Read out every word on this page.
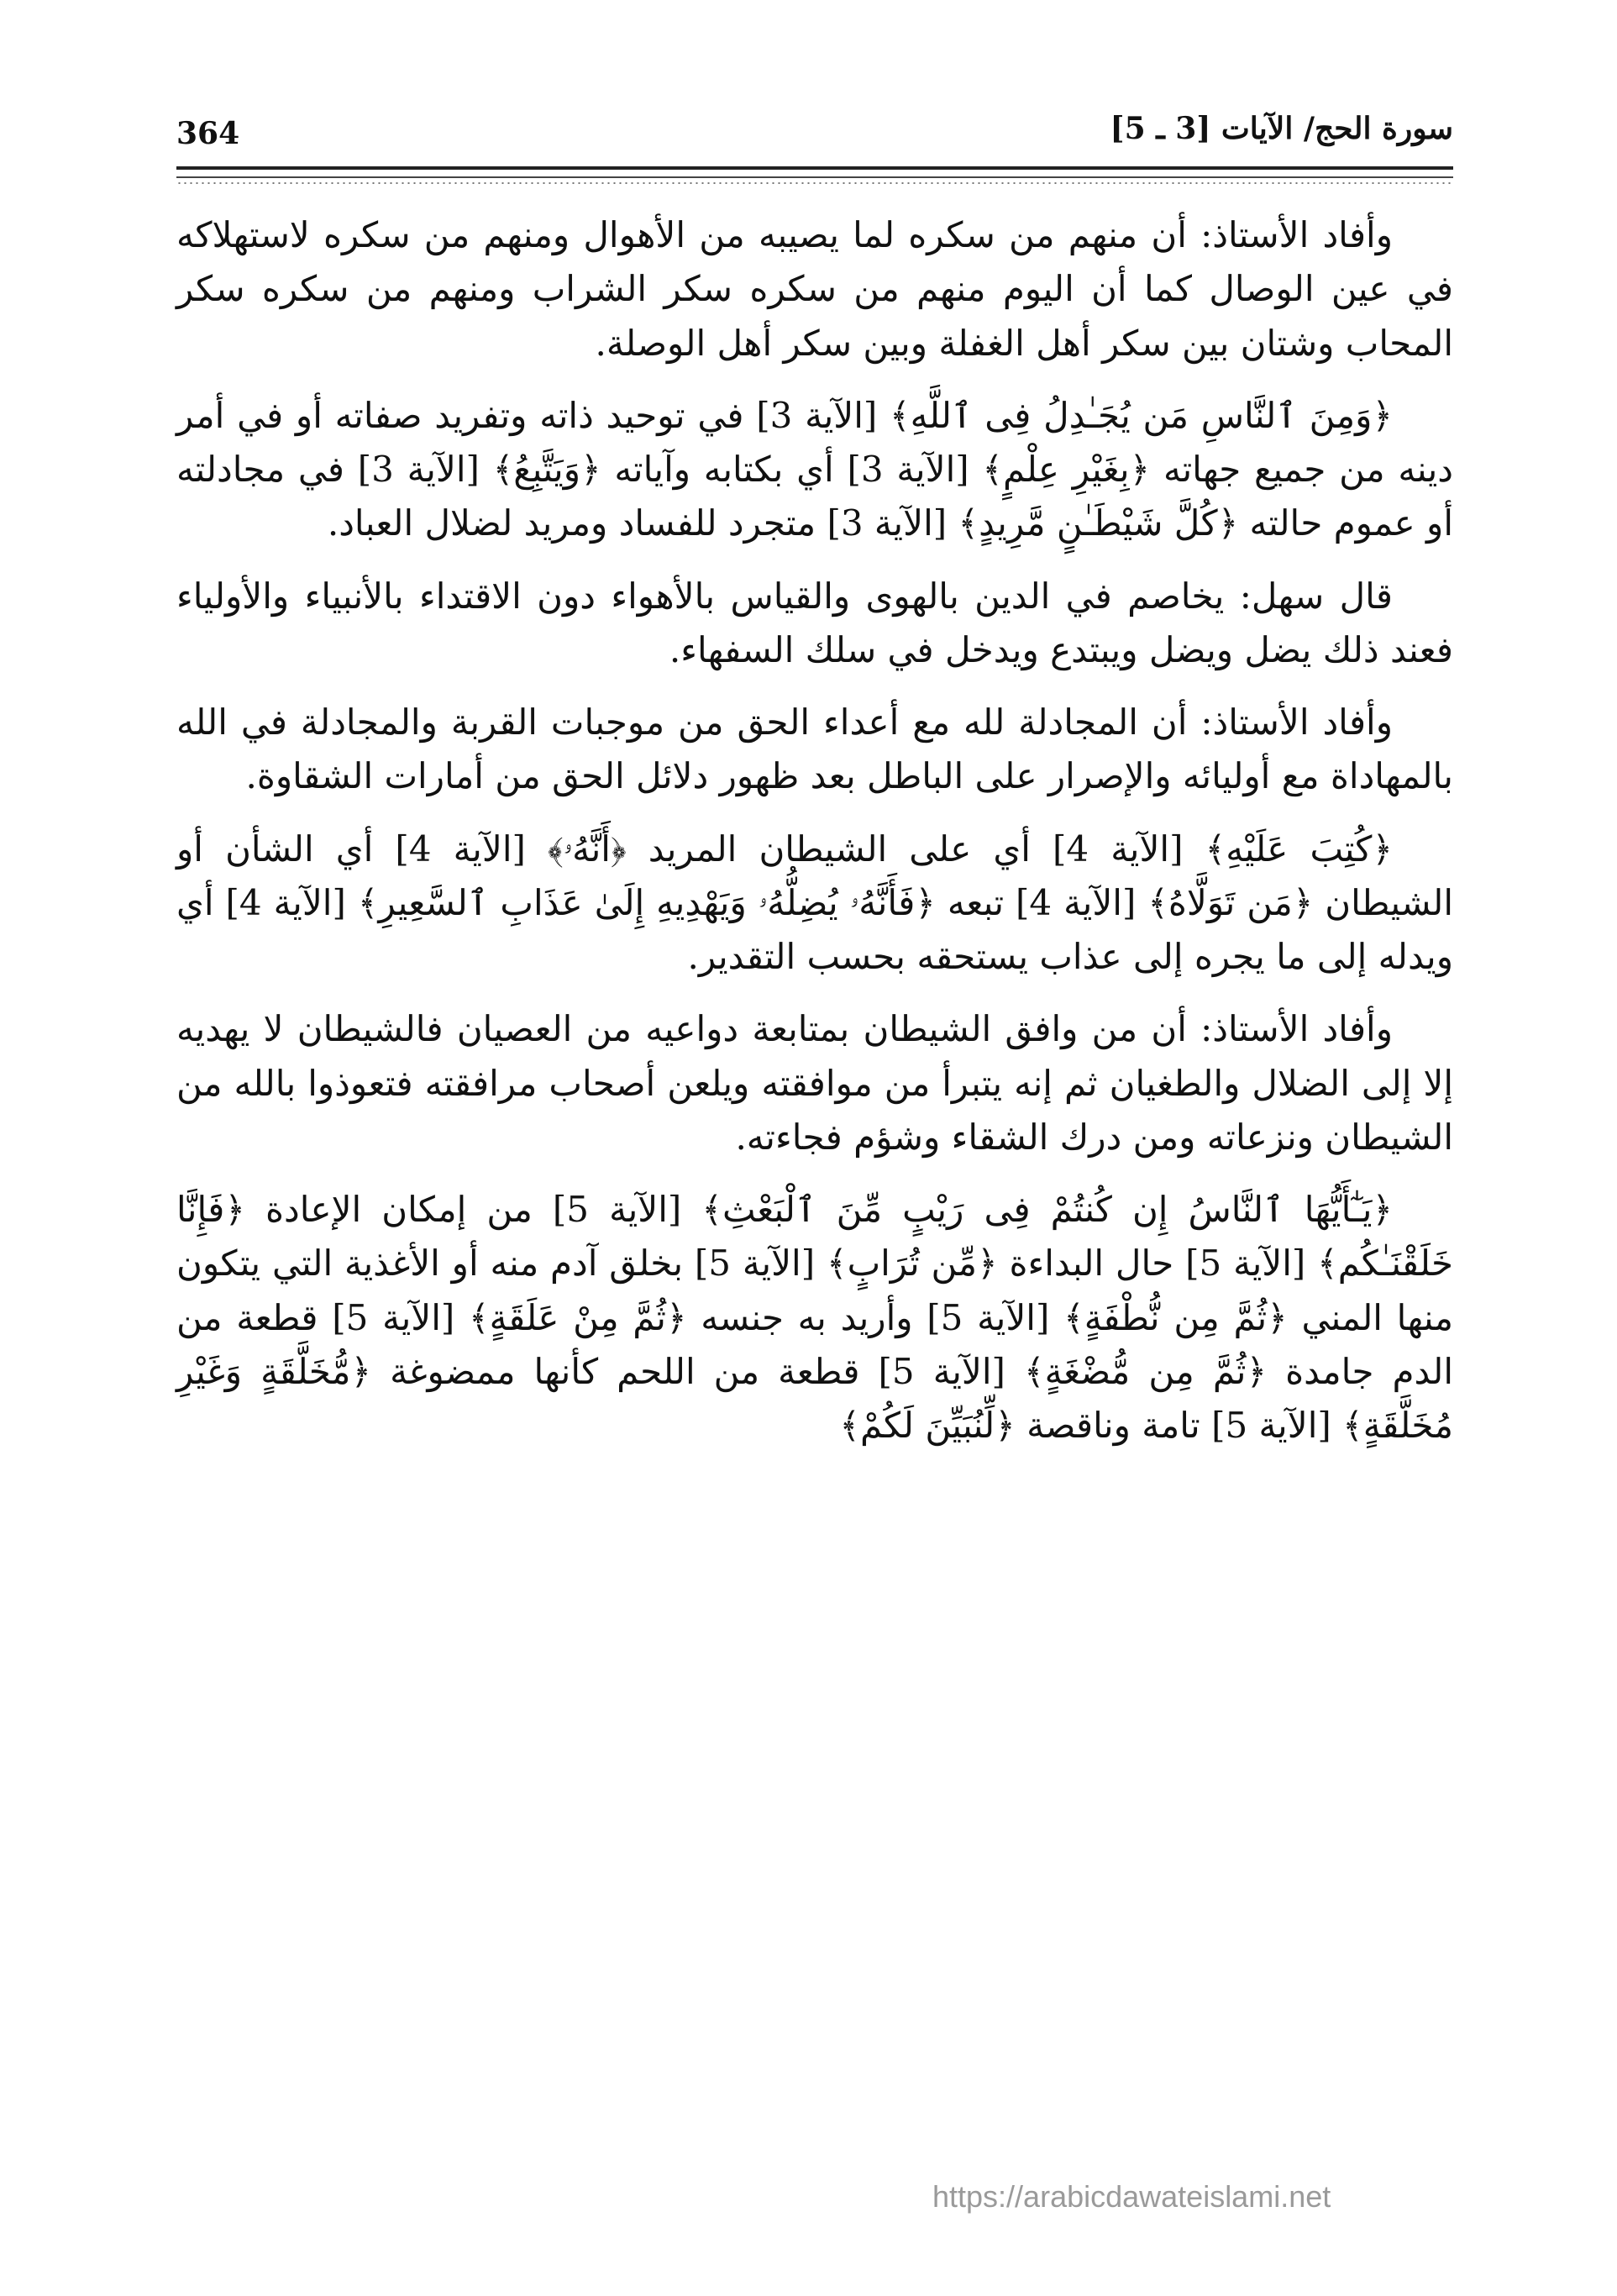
364	سورة الحج/ الآيات [3 ـ 5]

وأفاد الأستاذ: أن منهم من سكره لما يصيبه من الأهوال ومنهم من سكره لاستهلاكه في عين الوصال كما أن اليوم منهم من سكره سكر الشراب ومنهم من سكره سكر المحاب وشتان بين سكر أهل الغفلة وبين سكر أهل الوصلة.

﴿وَمِنَ ٱلنَّاسِ مَن يُجَـٰدِلُ فِى ٱللَّهِ﴾ [الآية 3] في توحيد ذاته وتفريد صفاته أو في أمر دينه من جميع جهاته ﴿بِغَيْرِ عِلْمٍ﴾ [الآية 3] أي بكتابه وآياته ﴿وَيَتَّبِعُ﴾ [الآية 3] في مجادلته أو عموم حالته ﴿كُلَّ شَيْطَـٰنٍ مَّرِيدٍ﴾ [الآية 3] متجرد للفساد ومريد لضلال العباد.

قال سهل: يخاصم في الدين بالهوى والقياس بالأهواء دون الاقتداء بالأنبياء والأولياء فعند ذلك يضل ويضل ويبتدع ويدخل في سلك السفهاء.

وأفاد الأستاذ: أن المجادلة لله مع أعداء الحق من موجبات القربة والمجادلة في الله بالمهاداة مع أوليائه والإصرار على الباطل بعد ظهور دلائل الحق من أمارات الشقاوة.

﴿كُتِبَ عَلَيْهِ﴾ [الآية 4] أي على الشيطان المريد ﴿أَنَّهُۥ﴾ [الآية 4] أي الشأن أو الشيطان ﴿مَن تَوَلَّاهُ﴾ [الآية 4] تبعه ﴿فَأَنَّهُۥ يُضِلُّهُۥ وَيَهْدِيهِ إِلَىٰ عَذَابِ ٱلسَّعِيرِ﴾ [الآية 4] أي ويدله إلى ما يجره إلى عذاب يستحقه بحسب التقدير.

وأفاد الأستاذ: أن من وافق الشيطان بمتابعة دواعيه من العصيان فالشيطان لا يهديه إلا إلى الضلال والطغيان ثم إنه يتبرأ من موافقته ويلعن أصحاب مرافقته فتعوذوا بالله من الشيطان ونزعاته ومن درك الشقاء وشؤم فجاءته.

﴿يَـٰٓأَيُّهَا ٱلنَّاسُ إِن كُنتُمْ فِى رَيْبٍ مِّنَ ٱلْبَعْثِ﴾ [الآية 5] من إمكان الإعادة ﴿فَإِنَّا خَلَقْنَـٰكُم﴾ [الآية 5] حال البداءة ﴿مِّن تُرَابٍ﴾ [الآية 5] بخلق آدم منه أو الأغذية التي يتكون منها المني ﴿ثُمَّ مِن نُّطْفَةٍ﴾ [الآية 5] وأريد به جنسه ﴿ثُمَّ مِنْ عَلَقَةٍ﴾ [الآية 5] قطعة من الدم جامدة ﴿ثُمَّ مِن مُّضْغَةٍ﴾ [الآية 5] قطعة من اللحم كأنها ممضوغة ﴿مُّخَلَّقَةٍ وَغَيْرِ مُخَلَّقَةٍ﴾ [الآية 5] تامة وناقصة ﴿لِّنُبَيِّنَ لَكُمْ﴾

https://arabicdawateislami.net
